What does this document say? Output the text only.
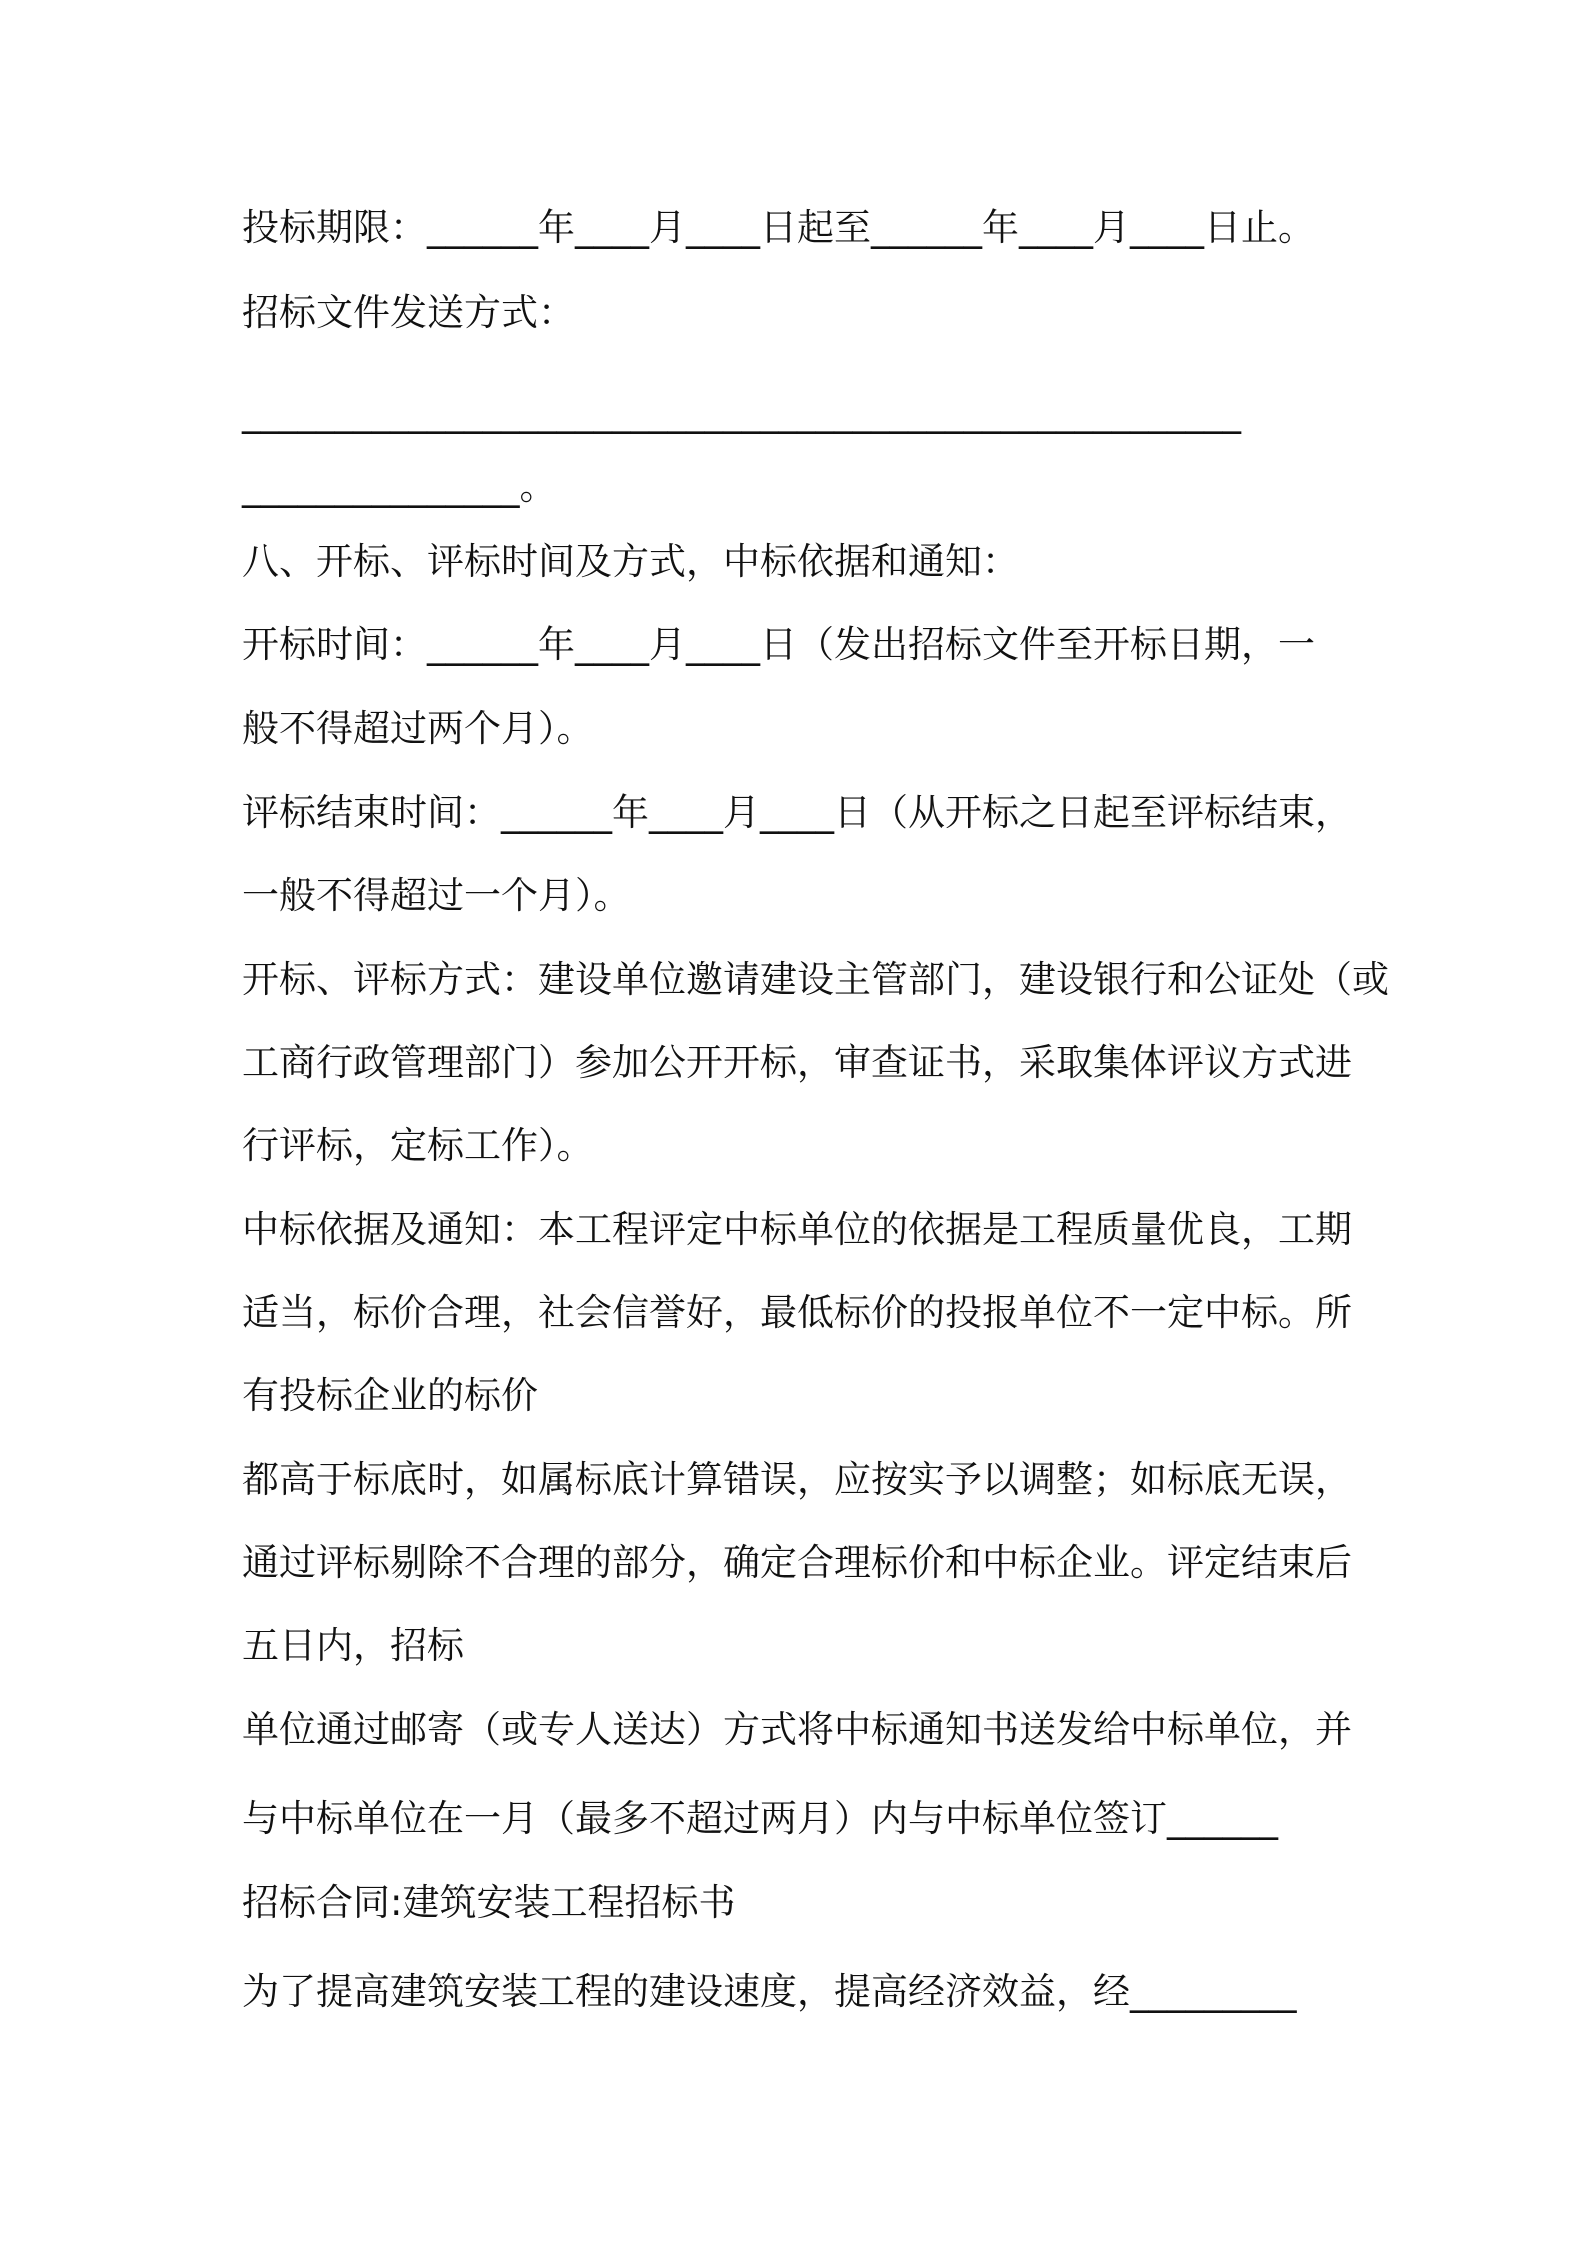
投标期限：______年____月____日起至______年____月____日止。
招标文件发送方式：
______________________________________________________
_______________。
八、开标、评标时间及方式，中标依据和通知：
开标时间：______年____月____日（发出招标文件至开标日期，一
般不得超过两个月）。
评标结束时间：______年____月____日（从开标之日起至评标结束，
一般不得超过一个月）。
开标、评标方式：建设单位邀请建设主管部门，建设银行和公证处（或
工商行政管理部门）参加公开开标，审查证书，采取集体评议方式进
行评标，定标工作）。
中标依据及通知：本工程评定中标单位的依据是工程质量优良，工期
适当，标价合理，社会信誉好，最低标价的投报单位不一定中标。所
有投标企业的标价
都高于标底时，如属标底计算错误，应按实予以调整；如标底无误，
通过评标剔除不合理的部分，确定合理标价和中标企业。评定结束后
五日内，招标
单位通过邮寄（或专人送达）方式将中标通知书送发给中标单位，并
与中标单位在一月（最多不超过两月）内与中标单位签订______
招标合同:建筑安装工程招标书
为了提高建筑安装工程的建设速度，提高经济效益，经_________
